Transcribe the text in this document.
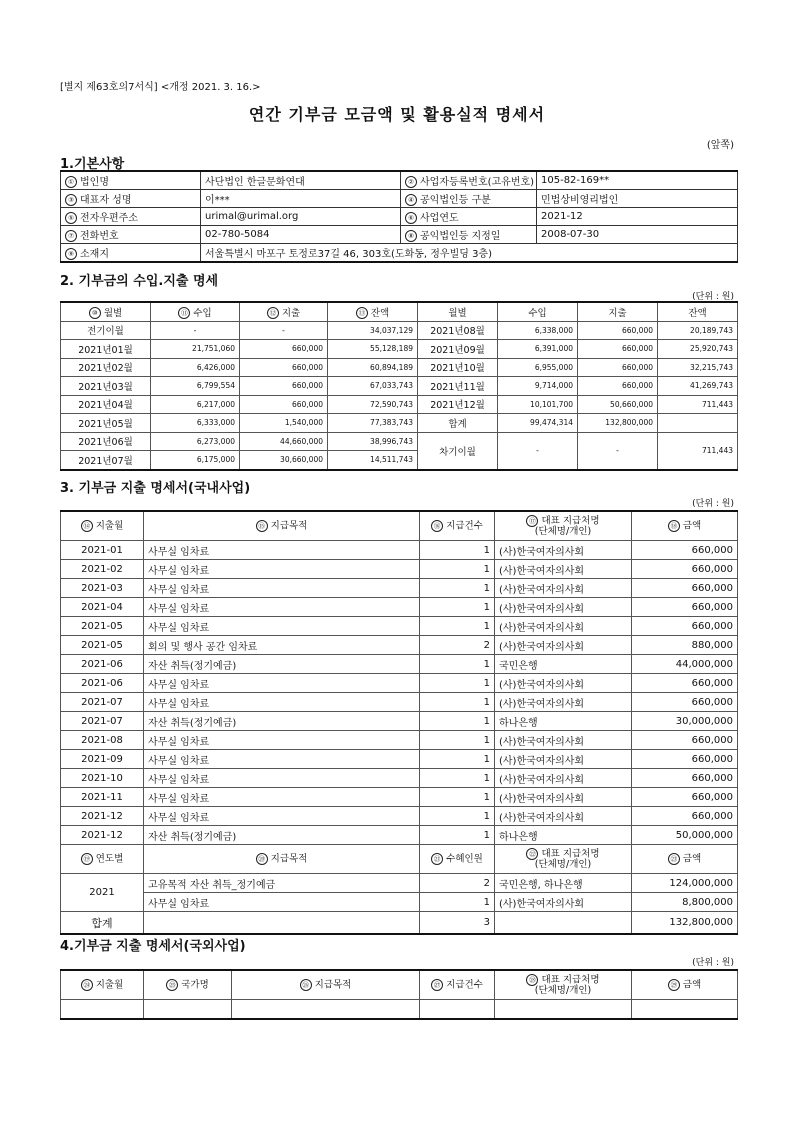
[별지 제63호의7서식] <개정 2021. 3. 16.>
연간 기부금 모금액 및 활용실적 명세서
(앞쪽)
1.기본사항
① 법인명	사단법인 한글문화연대	② 사업자등록번호(고유번호)	105-82-169**
③ 대표자 성명	이***	④ 공익법인등 구분	민법상비영리법인
⑤ 전자우편주소	urimal@urimal.org	⑥ 사업연도	2021-12
⑦ 전화번호	02-780-5084	⑧ 공익법인등 지정일	2008-07-30
⑨ 소재지	서울특별시 마포구 토정로37길 46, 303호(도화동, 정우빌딩 3층)		
2. 기부금의 수입.지출 명세
(단위 : 원)
⑩ 월별	⑪ 수입	⑫ 지출	⑬ 잔액	월별	수입	지출	잔액
전기이월	-	-	34,037,129	2021년08월	6,338,000	660,000	20,189,743
2021년01월	21,751,060	660,000	55,128,189	2021년09월	6,391,000	660,000	25,920,743
2021년02월	6,426,000	660,000	60,894,189	2021년10월	6,955,000	660,000	32,215,743
2021년03월	6,799,554	660,000	67,033,743	2021년11월	9,714,000	660,000	41,269,743
2021년04월	6,217,000	660,000	72,590,743	2021년12월	10,101,700	50,660,000	711,443
2021년05월	6,333,000	1,540,000	77,383,743	합계	99,474,314	132,800,000	
2021년06월	6,273,000	44,660,000	38,996,743	차기이월	-	-	711,443
2021년07월	6,175,000	30,660,000	14,511,743				
3. 기부금 지출 명세서(국내사업)
(단위 : 원)
⑭ 지출월	⑮ 지급목적	⑯ 지급건수	⑰ 대표 지급처명
(단체명/개인)	⑱ 금액
2021-01	사무실 임차료	1	(사)한국여자의사회	660,000
2021-02	사무실 임차료	1	(사)한국여자의사회	660,000
2021-03	사무실 임차료	1	(사)한국여자의사회	660,000
2021-04	사무실 임차료	1	(사)한국여자의사회	660,000
2021-05	사무실 임차료	1	(사)한국여자의사회	660,000
2021-05	회의 및 행사 공간 임차료	2	(사)한국여자의사회	880,000
2021-06	자산 취득(정기예금)	1	국민은행	44,000,000
2021-06	사무실 임차료	1	(사)한국여자의사회	660,000
2021-07	사무실 임차료	1	(사)한국여자의사회	660,000
2021-07	자산 취득(정기예금)	1	하나은행	30,000,000
2021-08	사무실 임차료	1	(사)한국여자의사회	660,000
2021-09	사무실 임차료	1	(사)한국여자의사회	660,000
2021-10	사무실 임차료	1	(사)한국여자의사회	660,000
2021-11	사무실 임차료	1	(사)한국여자의사회	660,000
2021-12	사무실 임차료	1	(사)한국여자의사회	660,000
2021-12	자산 취득(정기예금)	1	하나은행	50,000,000
⑲ 연도별	⑳ 지급목적	㉑ 수혜인원	㉒ 대표 지급처명
(단체명/개인)	㉓ 금액
2021	고유목적 자산 취득_정기예금	2	국민은행, 하나은행	124,000,000
	사무실 임차료	1	(사)한국여자의사회	8,800,000
합계		3		132,800,000
4.기부금 지출 명세서(국외사업)
(단위 : 원)
㉔ 지출월	㉕ 국가명	㉖ 지급목적	㉗ 지급건수	㉘ 대표 지급처명
(단체명/개인)	㉙ 금액
